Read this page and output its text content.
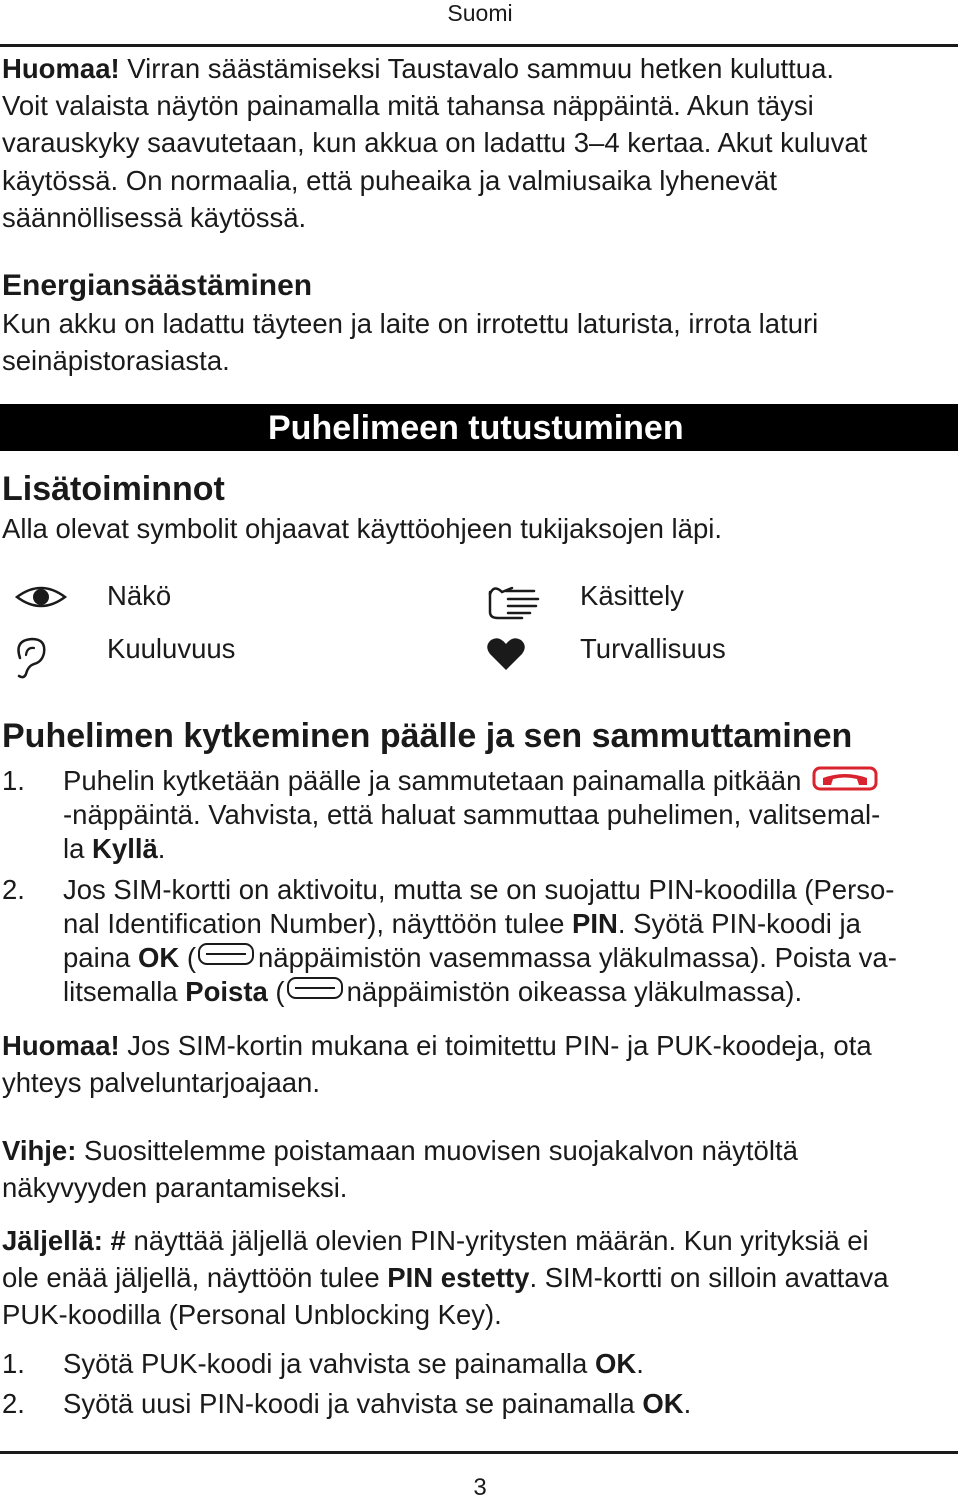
Suomi

Huomaa! Virran säästämiseksi Taustavalo sammuu hetken kuluttua.

Voit valaista näytön painamalla mitä tahansa näppäintä. Akun täysi

varauskyky saavutetaan, kun akkua on ladattu 3–4 kertaa. Akut kuluvat

käytössä. On normaalia, että puheaika ja valmiusaika lyhenevät

säännöllisessä käytössä.

Energiansäästäminen

Kun akku on ladattu täyteen ja laite on irrotettu laturista, irrota laturi

seinäpistorasiasta.

Puhelimeen tutustuminen
Lisätoiminnot

Alla olevat symbolit ohjaavat käyttöohjeen tukijaksojen läpi.

Näkö	Käsittely
Kuuluvuus	Turvallisuus
Puhelimen kytkeminen päälle ja sen sammuttaminen
1. Puhelin kytketään päälle ja sammutetaan painamalla pitkään

-näppäintä. Vahvista, että haluat sammuttaa puhelimen, valitsemal-

la Kyllä.

2. Jos SIM-kortti on aktivoitu, mutta se on suojattu PIN-koodilla (Perso-

nal Identification Number), näyttöön tulee PIN. Syötä PIN-koodi ja

paina OK ( näppäimistön vasemmassa yläkulmassa). Poista va-

litsemalla Poista ( näppäimistön oikeassa yläkulmassa).

Huomaa! Jos SIM-kortin mukana ei toimitettu PIN- ja PUK-koodeja, ota

yhteys palveluntarjoajaan.

Vihje: Suosittelemme poistamaan muovisen suojakalvon näytöltä

näkyvyyden parantamiseksi.

Jäljellä: # näyttää jäljellä olevien PIN-yritysten määrän. Kun yrityksiä ei

ole enää jäljellä, näyttöön tulee PIN estetty. SIM-kortti on silloin avattava

PUK-koodilla (Personal Unblocking Key).

1. Syötä PUK-koodi ja vahvista se painamalla OK.

2. Syötä uusi PIN-koodi ja vahvista se painamalla OK.

3
